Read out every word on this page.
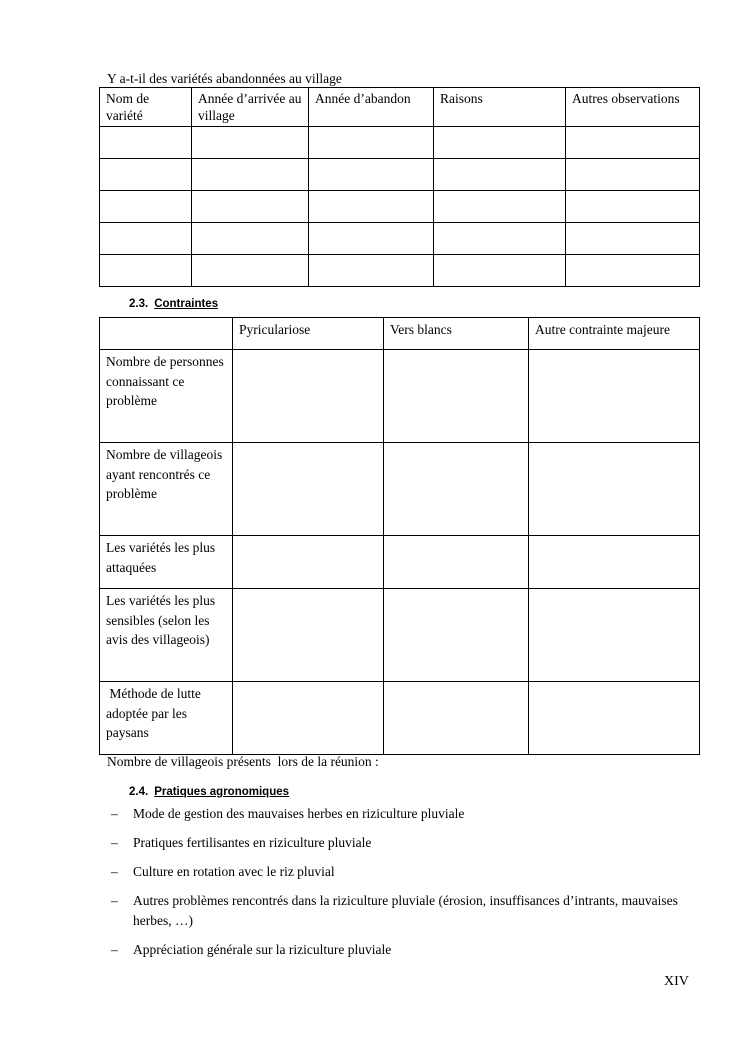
Y a-t-il des variétés abandonnées au village
Nom de variété	Année d’arrivée au village	Année d’abandon	Raisons	Autres observations

2.3. Contraintes
	Pyriculariose	Vers blancs	Autre contrainte majeure
Nombre de personnes connaissant ce problème			
Nombre de villageois ayant rencontrés ce problème			
Les variétés les plus attaquées			
Les variétés les plus sensibles (selon les avis des villageois)			
Méthode de lutte adoptée par les paysans			
Nombre de villageois présents  lors de la réunion :
2.4. Pratiques agronomiques
– Mode de gestion des mauvaises herbes en riziculture pluviale
– Pratiques fertilisantes en riziculture pluviale
– Culture en rotation avec le riz pluvial
– Autres problèmes rencontrés dans la riziculture pluviale (érosion, insuffisances d’intrants, mauvaises herbes, …)
– Appréciation générale sur la riziculture pluviale
XIV
